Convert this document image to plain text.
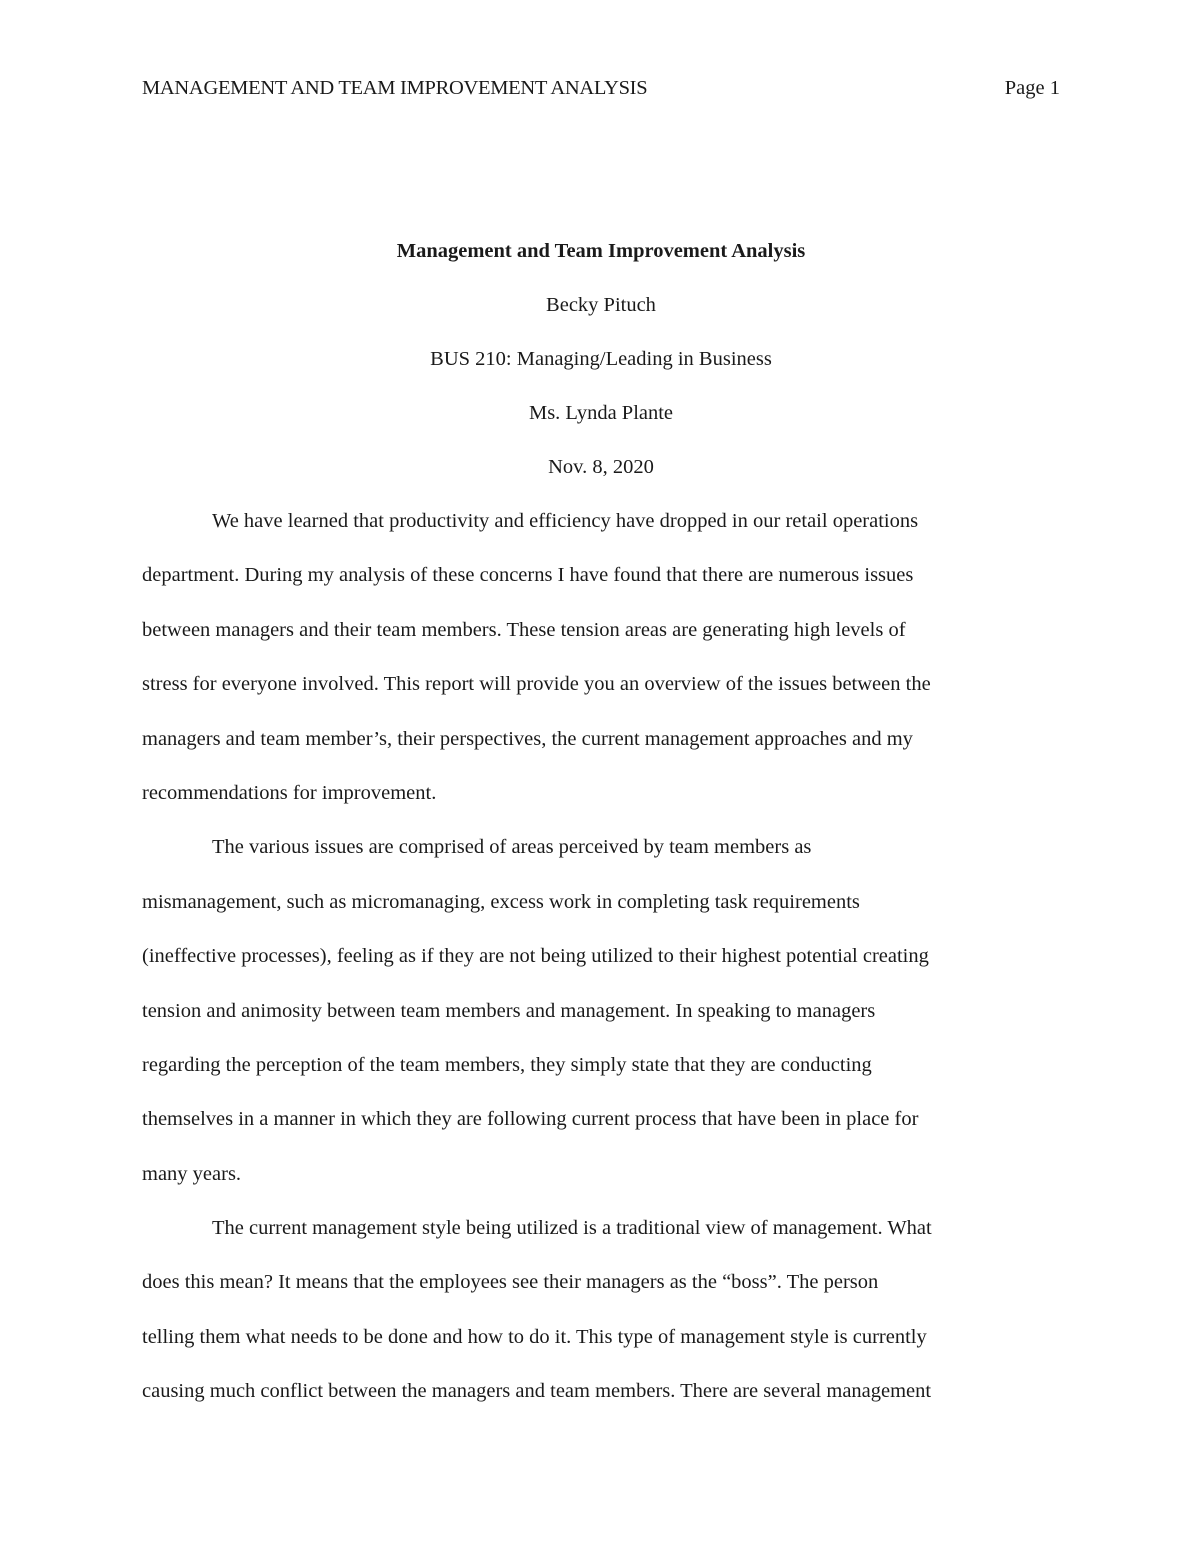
MANAGEMENT AND TEAM IMPROVEMENT ANALYSIS	Page 1
Management and Team Improvement Analysis
Becky Pituch
BUS 210: Managing/Leading in Business
Ms. Lynda Plante
Nov. 8, 2020

We have learned that productivity and efficiency have dropped in our retail operations

department. During my analysis of these concerns I have found that there are numerous issues
between managers and their team members. These tension areas are generating high levels of
stress for everyone involved. This report will provide you an overview of the issues between the
managers and team member’s, their perspectives, the current management approaches and my
recommendations for improvement.

The various issues are comprised of areas perceived by team members as

mismanagement, such as micromanaging, excess work in completing task requirements
(ineffective processes), feeling as if they are not being utilized to their highest potential creating
tension and animosity between team members and management. In speaking to managers
regarding the perception of the team members, they simply state that they are conducting
themselves in a manner in which they are following current process that have been in place for
many years.

The current management style being utilized is a traditional view of management. What

does this mean? It means that the employees see their managers as the “boss”. The person
telling them what needs to be done and how to do it. This type of management style is currently
causing much conflict between the managers and team members. There are several management
